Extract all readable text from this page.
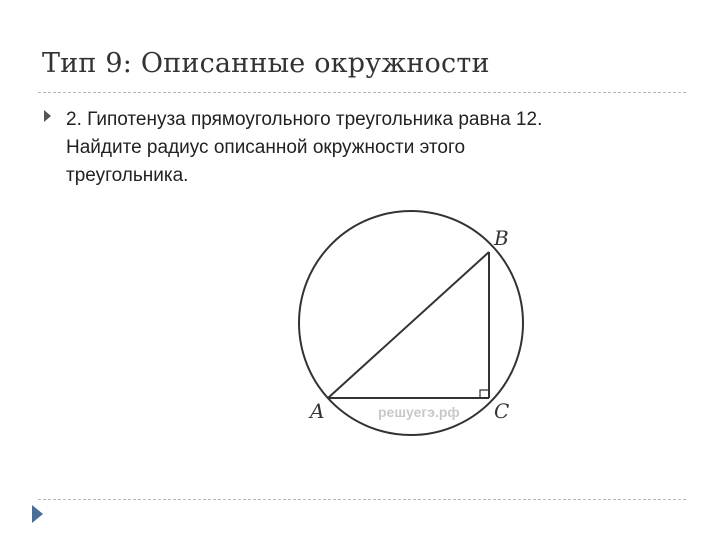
Тип 9: Описанные окружности

2. Гипотенуза прямоугольного треугольника равна 12.

Найдите радиус описанной окружности этого

треугольника.

решуегэ.рф
A
B
C
